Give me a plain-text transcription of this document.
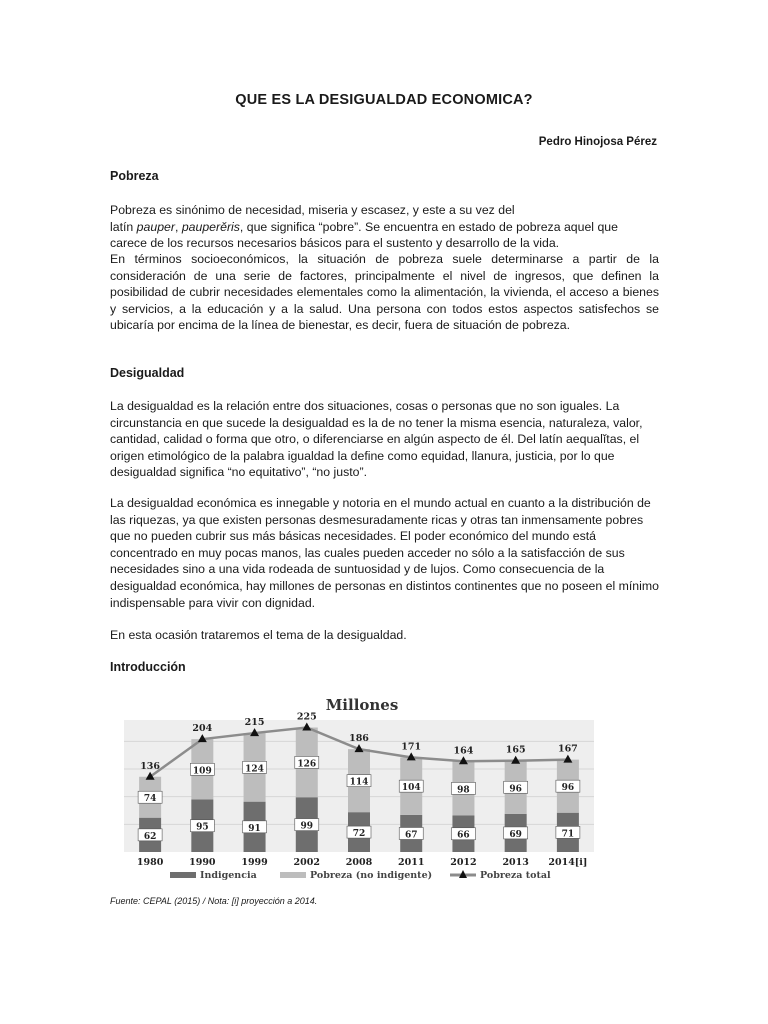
QUE ES LA DESIGUALDAD ECONOMICA?
Pedro Hinojosa Pérez
Pobreza
Pobreza es sinónimo de necesidad, miseria y escasez, y este a su vez del
latín pauper, pauperĕris, que significa “pobre”. Se encuentra en estado de pobreza aquel que
carece de los recursos necesarios básicos para el sustento y desarrollo de la vida.

En términos socioeconómicos, la situación de pobreza suele determinarse a partir de la consideración de una serie de factores, principalmente el nivel de ingresos, que definen la posibilidad de cubrir necesidades elementales como la alimentación, la vivienda, el acceso a bienes y servicios, a la educación y a la salud. Una persona con todos estos aspectos satisfechos se ubicaría por encima de la línea de bienestar, es decir, fuera de situación de pobreza.

Desigualdad

La desigualdad es la relación entre dos situaciones, cosas o personas que no son iguales. La circunstancia en que sucede la desigualdad es la de no tener la misma esencia, naturaleza, valor, cantidad, calidad o forma que otro, o diferenciarse en algún aspecto de él. Del latín aequalĭtas, el origen etimológico de la palabra igualdad la define como equidad, llanura, justicia, por lo que desigualdad significa “no equitativo”, “no justo”.

La desigualdad económica es innegable y notoria en el mundo actual en cuanto a la distribución de las riquezas, ya que existen personas desmesuradamente ricas y otras tan inmensamente pobres que no pueden cubrir sus más básicas necesidades. El poder económico del mundo está concentrado en muy pocas manos, las cuales pueden acceder no sólo a la satisfacción de sus necesidades sino a una vida rodeada de suntuosidad y de lujos. Como consecuencia de la desigualdad económica, hay millones de personas en distintos continentes que no poseen el mínimo indispensable para vivir con dignidad.

En esta ocasión trataremos el tema de la desigualdad.

Introducción
Millones
62
74
1980
95
109
1990
91
124
1999
99
126
2002
72
114
2008
67
104
2011
66
98
2012
69
96
2013
71
96
2014[i]
136
204
215
225
186
171	164	165	167
Indigencia	Pobreza (no indigente)	Pobreza total
Fuente: CEPAL (2015) / Nota: [i] proyección a 2014.
